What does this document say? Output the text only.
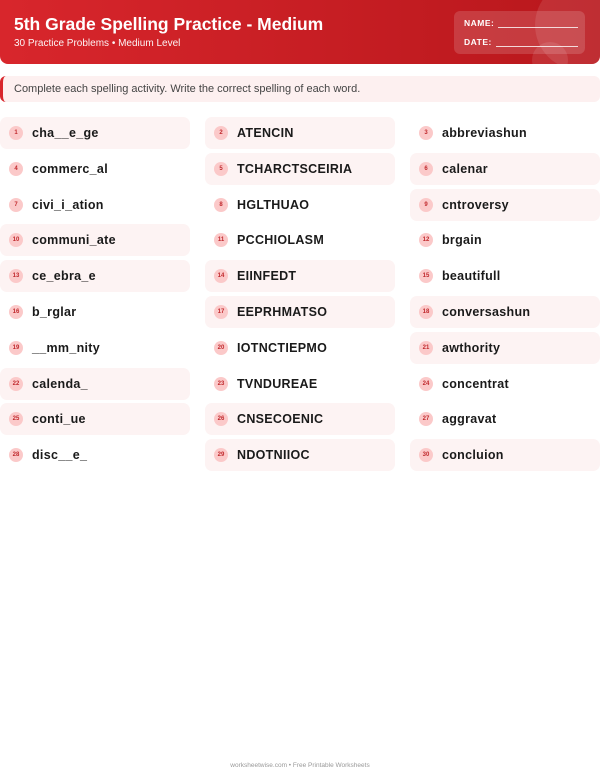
5th Grade Spelling Practice - Medium
30 Practice Problems • Medium Level
NAME:
DATE:
Complete each spelling activity. Write the correct spelling of each word.
1	cha__e_ge	2	ATENCIN	3	abbreviashun
4	commerc_al	5	TCHARCTSCEIRIA	6	calenar
7	civi_i_ation	8	HGLTHUAO	9	cntroversy
10 communi_ate	11	PCCHIOLASM	12 brgain
13 ce_ebra_e	14 EIINFEDT	15 beautifull
16 b_rglar	17 EEPRHMATSO	18 conversashun
19 __mm_nity	20 IOTNCTIEPMO	21 awthority
22 calenda_	23 TVNDUREAE	24 concentrat
25 conti_ue	26 CNSECOENIC	27 aggravat
28 disc__e_	29 NDOTNIIOC	30 concluion
worksheetwise.com • Free Printable Worksheets
